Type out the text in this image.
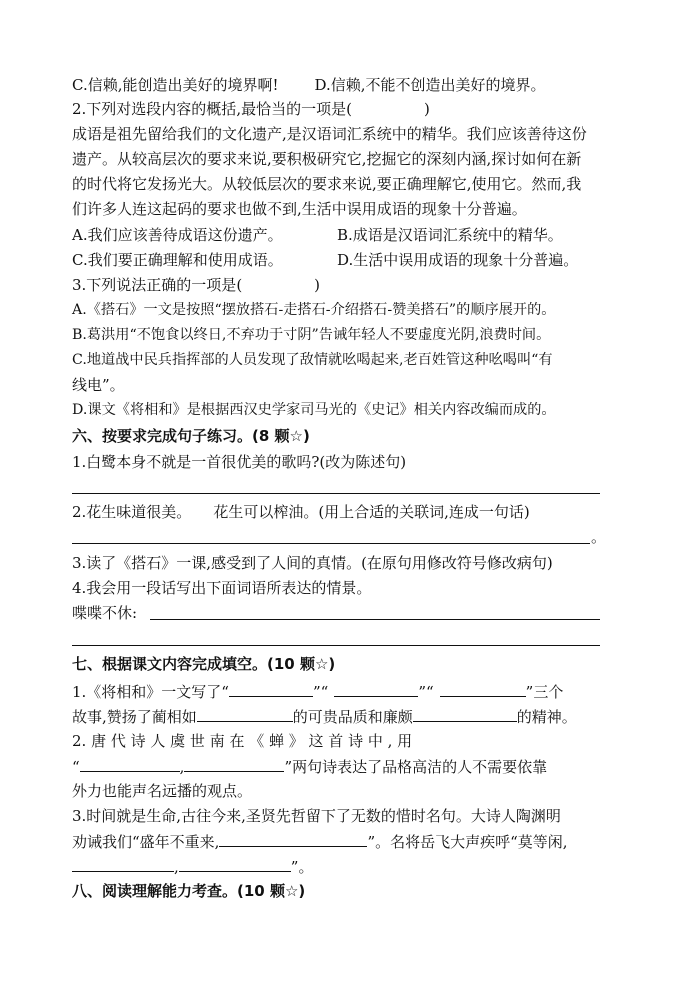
C.信赖,能创造出美好的境界啊! D.信赖,不能不创造出美好的境界。
2.下列对选段内容的概括,最恰当的一项是(	)
成语是祖先留给我们的文化遗产,是汉语词汇系统中的精华。我们应该善待这份
遗产。从较高层次的要求来说,要积极研究它,挖掘它的深刻内涵,探讨如何在新
的时代将它发扬光大。从较低层次的要求来说,要正确理解它,使用它。然而,我
们许多人连这起码的要求也做不到,生活中误用成语的现象十分普遍。
A.我们应该善待成语这份遗产。	B.成语是汉语词汇系统中的精华。
C.我们要正确理解和使用成语。	D.生活中误用成语的现象十分普遍。
3.下列说法正确的一项是(	)
A.《搭石》一文是按照“摆放搭石-走搭石-介绍搭石-赞美搭石”的顺序展开的。
B.葛洪用“不饱食以终日,不弃功于寸阴”告诫年轻人不要虚度光阴,浪费时间。
C.地道战中民兵指挥部的人员发现了敌情就吆喝起来,老百姓管这种吆喝叫“有
线电”。
D.课文《将相和》是根据西汉史学家司马光的《史记》相关内容改编而成的。
六、按要求完成句子练习。(8 颗☆)
1.白鹭本身不就是一首很优美的歌吗?(改为陈述句)
2.花生味道很美。 花生可以榨油。(用上合适的关联词,连成一句话)
。
3.读了《搭石》一课,感受到了人间的真情。(在原句用修改符号修改病句)
4.我会用一段话写出下面词语所表达的情景。
喋喋不休:
七、根据课文内容完成填空。(10 颗☆)
1.《将相和》一文写了“	”“	”“	”三个
故事,赞扬了蔺相如	的可贵品质和廉颇	的精神。
2. 唐 代 诗 人 虞 世 南 在 《 蝉 》 这 首 诗 中 , 用
“	,	”两句诗表达了品格高洁的人不需要依靠
外力也能声名远播的观点。
3.时间就是生命,古往今来,圣贤先哲留下了无数的惜时名句。大诗人陶渊明
劝诫我们“盛年不重来,	”。名将岳飞大声疾呼“莫等闲,
,	”。
八、阅读理解能力考查。(10 颗☆)
